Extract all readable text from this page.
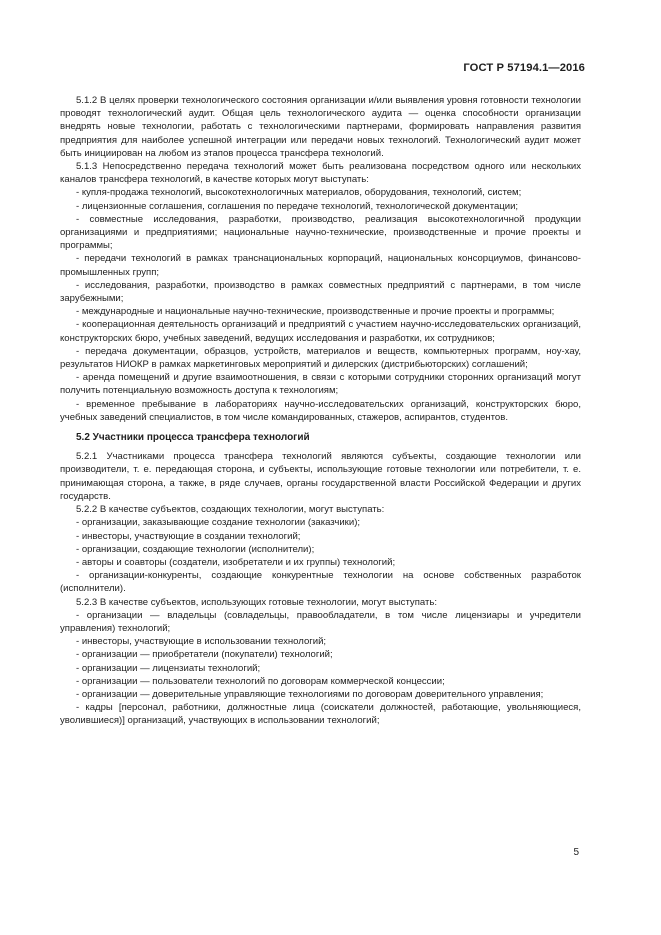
ГОСТ Р 57194.1—2016

5.1.2 В целях проверки технологического состояния организации и/или выявления уровня готовности технологии проводят технологический аудит. Общая цель технологического аудита — оценка способности организации внедрять новые технологии, работать с технологическими партнерами, формировать направления развития предприятия для наиболее успешной интеграции или передачи новых технологий. Технологический аудит может быть инициирован на любом из этапов процесса трансфера технологий.

5.1.3 Непосредственно передача технологий может быть реализована посредством одного или нескольких каналов трансфера технологий, в качестве которых могут выступать:

- купля-продажа технологий, высокотехнологичных материалов, оборудования, технологий, систем;

- лицензионные соглашения, соглашения по передаче технологий, технологической документации;

- совместные исследования, разработки, производство, реализация высокотехнологичной продукции организациями и предприятиями; национальные научно-технические, производственные и прочие проекты и программы;

- передачи технологий в рамках транснациональных корпораций, национальных консорциумов, финансово-промышленных групп;

- исследования, разработки, производство в рамках совместных предприятий с партнерами, в том числе зарубежными;

- международные и национальные научно-технические, производственные и прочие проекты и программы;

- кооперационная деятельность организаций и предприятий с участием научно-исследовательских организаций, конструкторских бюро, учебных заведений, ведущих исследования и разработки, их сотрудников;

- передача документации, образцов, устройств, материалов и веществ, компьютерных программ, ноу-хау, результатов НИОКР в рамках маркетинговых мероприятий и дилерских (дистрибьюторских) соглашений;

- аренда помещений и другие взаимоотношения, в связи с которыми сотрудники сторонних организаций могут получить потенциальную возможность доступа к технологиям;

- временное пребывание в лабораториях научно-исследовательских организаций, конструкторских бюро, учебных заведений специалистов, в том числе командированных, стажеров, аспирантов, студентов.

5.2 Участники процесса трансфера технологий

5.2.1 Участниками процесса трансфера технологий являются субъекты, создающие технологии или производители, т. е. передающая сторона, и субъекты, использующие готовые технологии или потребители, т. е. принимающая сторона, а также, в ряде случаев, органы государственной власти Российской Федерации и других государств.

5.2.2 В качестве субъектов, создающих технологии, могут выступать:

- организации, заказывающие создание технологии (заказчики);

- инвесторы, участвующие в создании технологий;

- организации, создающие технологии (исполнители);

- авторы и соавторы (создатели, изобретатели и их группы) технологий;

- организации-конкуренты, создающие конкурентные технологии на основе собственных разработок (исполнители).

5.2.3 В качестве субъектов, использующих готовые технологии, могут выступать:

- организации — владельцы (совладельцы, правообладатели, в том числе лицензиары и учредители управления) технологий;

- инвесторы, участвующие в использовании технологий;

- организации — приобретатели (покупатели) технологий;

- организации — лицензиаты технологий;

- организации — пользователи технологий по договорам коммерческой концессии;

- организации — доверительные управляющие технологиями по договорам доверительного управления;

- кадры [персонал, работники, должностные лица (соискатели должностей, работающие, увольняющиеся, уволившиеся)] организаций, участвующих в использовании технологий;

5
